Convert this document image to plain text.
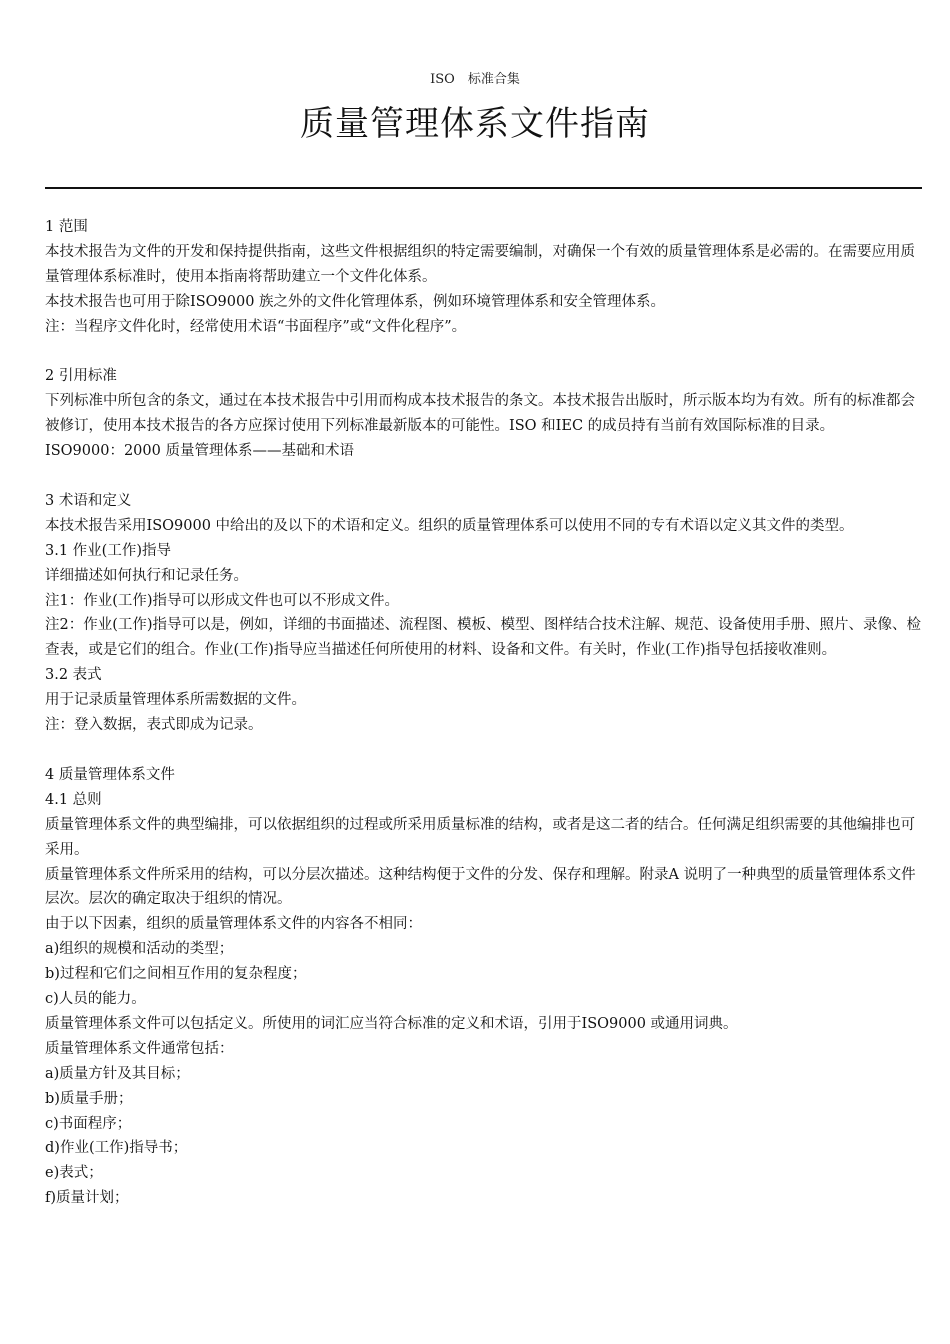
ISO　标准合集
质量管理体系文件指南

1 范围

本技术报告为文件的开发和保持提供指南，这些文件根据组织的特定需要编制，对确保一个有效的质量管理体系是必需的。在需要应用质量管理体系标准时，使用本指南将帮助建立一个文件化体系。

本技术报告也可用于除ISO9000 族之外的文件化管理体系，例如环境管理体系和安全管理体系。

注：当程序文件化时，经常使用术语“书面程序”或“文件化程序”。

2 引用标准

下列标准中所包含的条文，通过在本技术报告中引用而构成本技术报告的条文。本技术报告出版时，所示版本均为有效。所有的标准都会被修订，使用本技术报告的各方应探讨使用下列标准最新版本的可能性。ISO 和IEC 的成员持有当前有效国际标准的目录。

ISO9000：2000 质量管理体系——基础和术语

3 术语和定义

本技术报告采用ISO9000 中给出的及以下的术语和定义。组织的质量管理体系可以使用不同的专有术语以定义其文件的类型。

3.1 作业(工作)指导

详细描述如何执行和记录任务。

注1：作业(工作)指导可以形成文件也可以不形成文件。

注2：作业(工作)指导可以是，例如，详细的书面描述、流程图、模板、模型、图样结合技术注解、规范、设备使用手册、照片、录像、检查表，或是它们的组合。作业(工作)指导应当描述任何所使用的材料、设备和文件。有关时，作业(工作)指导包括接收准则。

3.2 表式

用于记录质量管理体系所需数据的文件。

注：登入数据，表式即成为记录。

4 质量管理体系文件

4.1 总则

质量管理体系文件的典型编排，可以依据组织的过程或所采用质量标准的结构，或者是这二者的结合。任何满足组织需要的其他编排也可采用。

质量管理体系文件所采用的结构，可以分层次描述。这种结构便于文件的分发、保存和理解。附录A 说明了一种典型的质量管理体系文件层次。层次的确定取决于组织的情况。

由于以下因素，组织的质量管理体系文件的内容各不相同：

a)组织的规模和活动的类型；

b)过程和它们之间相互作用的复杂程度；

c)人员的能力。

质量管理体系文件可以包括定义。所使用的词汇应当符合标准的定义和术语，引用于ISO9000 或通用词典。

质量管理体系文件通常包括：

a)质量方针及其目标；

b)质量手册；

c)书面程序；

d)作业(工作)指导书；

e)表式；

f)质量计划；
